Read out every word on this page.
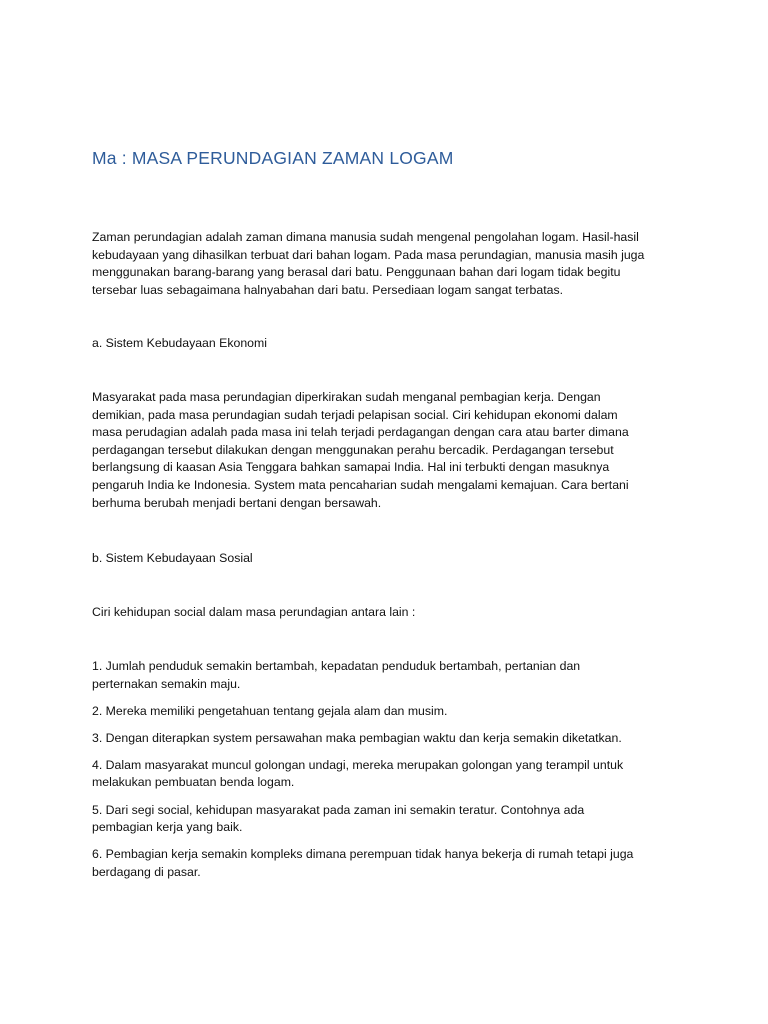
Ma : MASA PERUNDAGIAN ZAMAN LOGAM
Zaman perundagian adalah zaman dimana manusia sudah mengenal pengolahan logam. Hasil-hasil
kebudayaan yang dihasilkan terbuat dari bahan logam. Pada masa perundagian, manusia masih juga
menggunakan barang-barang yang berasal dari batu. Penggunaan bahan dari logam tidak begitu
tersebar luas sebagaimana halnyabahan dari batu. Persediaan logam sangat terbatas.
a. Sistem Kebudayaan Ekonomi
Masyarakat pada masa perundagian diperkirakan sudah menganal pembagian kerja. Dengan
demikian, pada masa perundagian sudah terjadi pelapisan social. Ciri kehidupan ekonomi dalam
masa perudagian adalah pada masa ini telah terjadi perdagangan dengan cara atau barter dimana
perdagangan tersebut dilakukan dengan menggunakan perahu bercadik. Perdagangan tersebut
berlangsung di kaasan Asia Tenggara bahkan samapai India. Hal ini terbukti dengan masuknya
pengaruh India ke Indonesia. System mata pencaharian sudah mengalami kemajuan. Cara bertani
berhuma berubah menjadi bertani dengan bersawah.
b. Sistem Kebudayaan Sosial
Ciri kehidupan social dalam masa perundagian antara lain :
1. Jumlah penduduk semakin bertambah, kepadatan penduduk bertambah, pertanian dan
perternakan semakin maju.
2. Mereka memiliki pengetahuan tentang gejala alam dan musim.
3. Dengan diterapkan system persawahan maka pembagian waktu dan kerja semakin diketatkan.
4. Dalam masyarakat muncul golongan undagi, mereka merupakan golongan yang terampil untuk
melakukan pembuatan benda logam.
5. Dari segi social, kehidupan masyarakat pada zaman ini semakin teratur. Contohnya ada
pembagian kerja yang baik.
6. Pembagian kerja semakin kompleks dimana perempuan tidak hanya bekerja di rumah tetapi juga
berdagang di pasar.
